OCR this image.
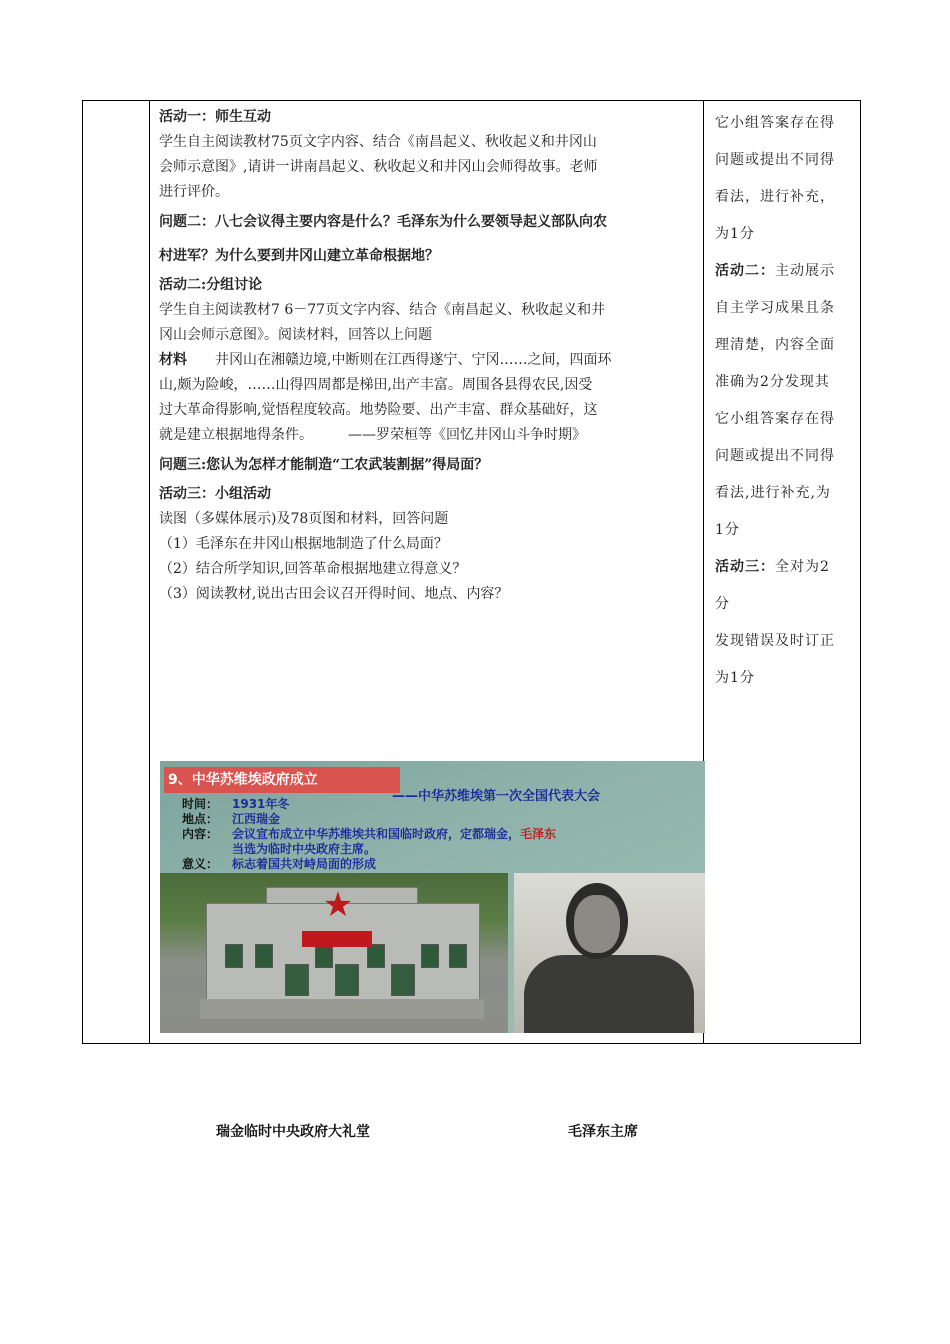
活动一：师生互动
学生自主阅读教材75页文字内容、结合《南昌起义、秋收起义和井冈山
会师示意图》,请讲一讲南昌起义、秋收起义和井冈山会师得故事。老师
进行评价。
问题二：八七会议得主要内容是什么？毛泽东为什么要领导起义部队向农
村进军？为什么要到井冈山建立革命根据地？
活动二:分组讨论
学生自主阅读教材7 6－77页文字内容、结合《南昌起义、秋收起义和井
冈山会师示意图》。阅读材料，回答以上问题
材料　　井冈山在湘赣边境,中断则在江西得遂宁、宁冈……之间，四面环
山,颇为险峻，……山得四周都是梯田,出产丰富。周围各县得农民,因受
过大革命得影响,觉悟程度较高。地势险要、出产丰富、群众基础好，这
就是建立根据地得条件。　　　——罗荣桓等《回忆井冈山斗争时期》
问题三:您认为怎样才能制造“工农武装割据”得局面？
活动三：小组活动
读图（多媒体展示)及78页图和材料，回答问题
（1）毛泽东在井冈山根据地制造了什么局面？
（2）结合所学知识,回答革命根据地建立得意义？
（3）阅读教材,说出古田会议召开得时间、地点、内容？
它小组答案存在得
问题或提出不同得
看法，进行补充，
为1分
活动二：主动展示
自主学习成果且条
理清楚，内容全面
准确为2分发现其
它小组答案存在得
问题或提出不同得
看法,进行补充,为
1分
活动三：全对为2
分
发现错误及时订正
为1分
9、中华苏维埃政府成立
——中华苏维埃第一次全国代表大会
时间： 1931年冬
地点： 江西瑞金
内容： 会议宣布成立中华苏维埃共和国临时政府，定都瑞金，毛泽东
当选为临时中央政府主席。
意义： 标志着国共对峙局面的形成
★
瑞金临时中央政府大礼堂	毛泽东主席
